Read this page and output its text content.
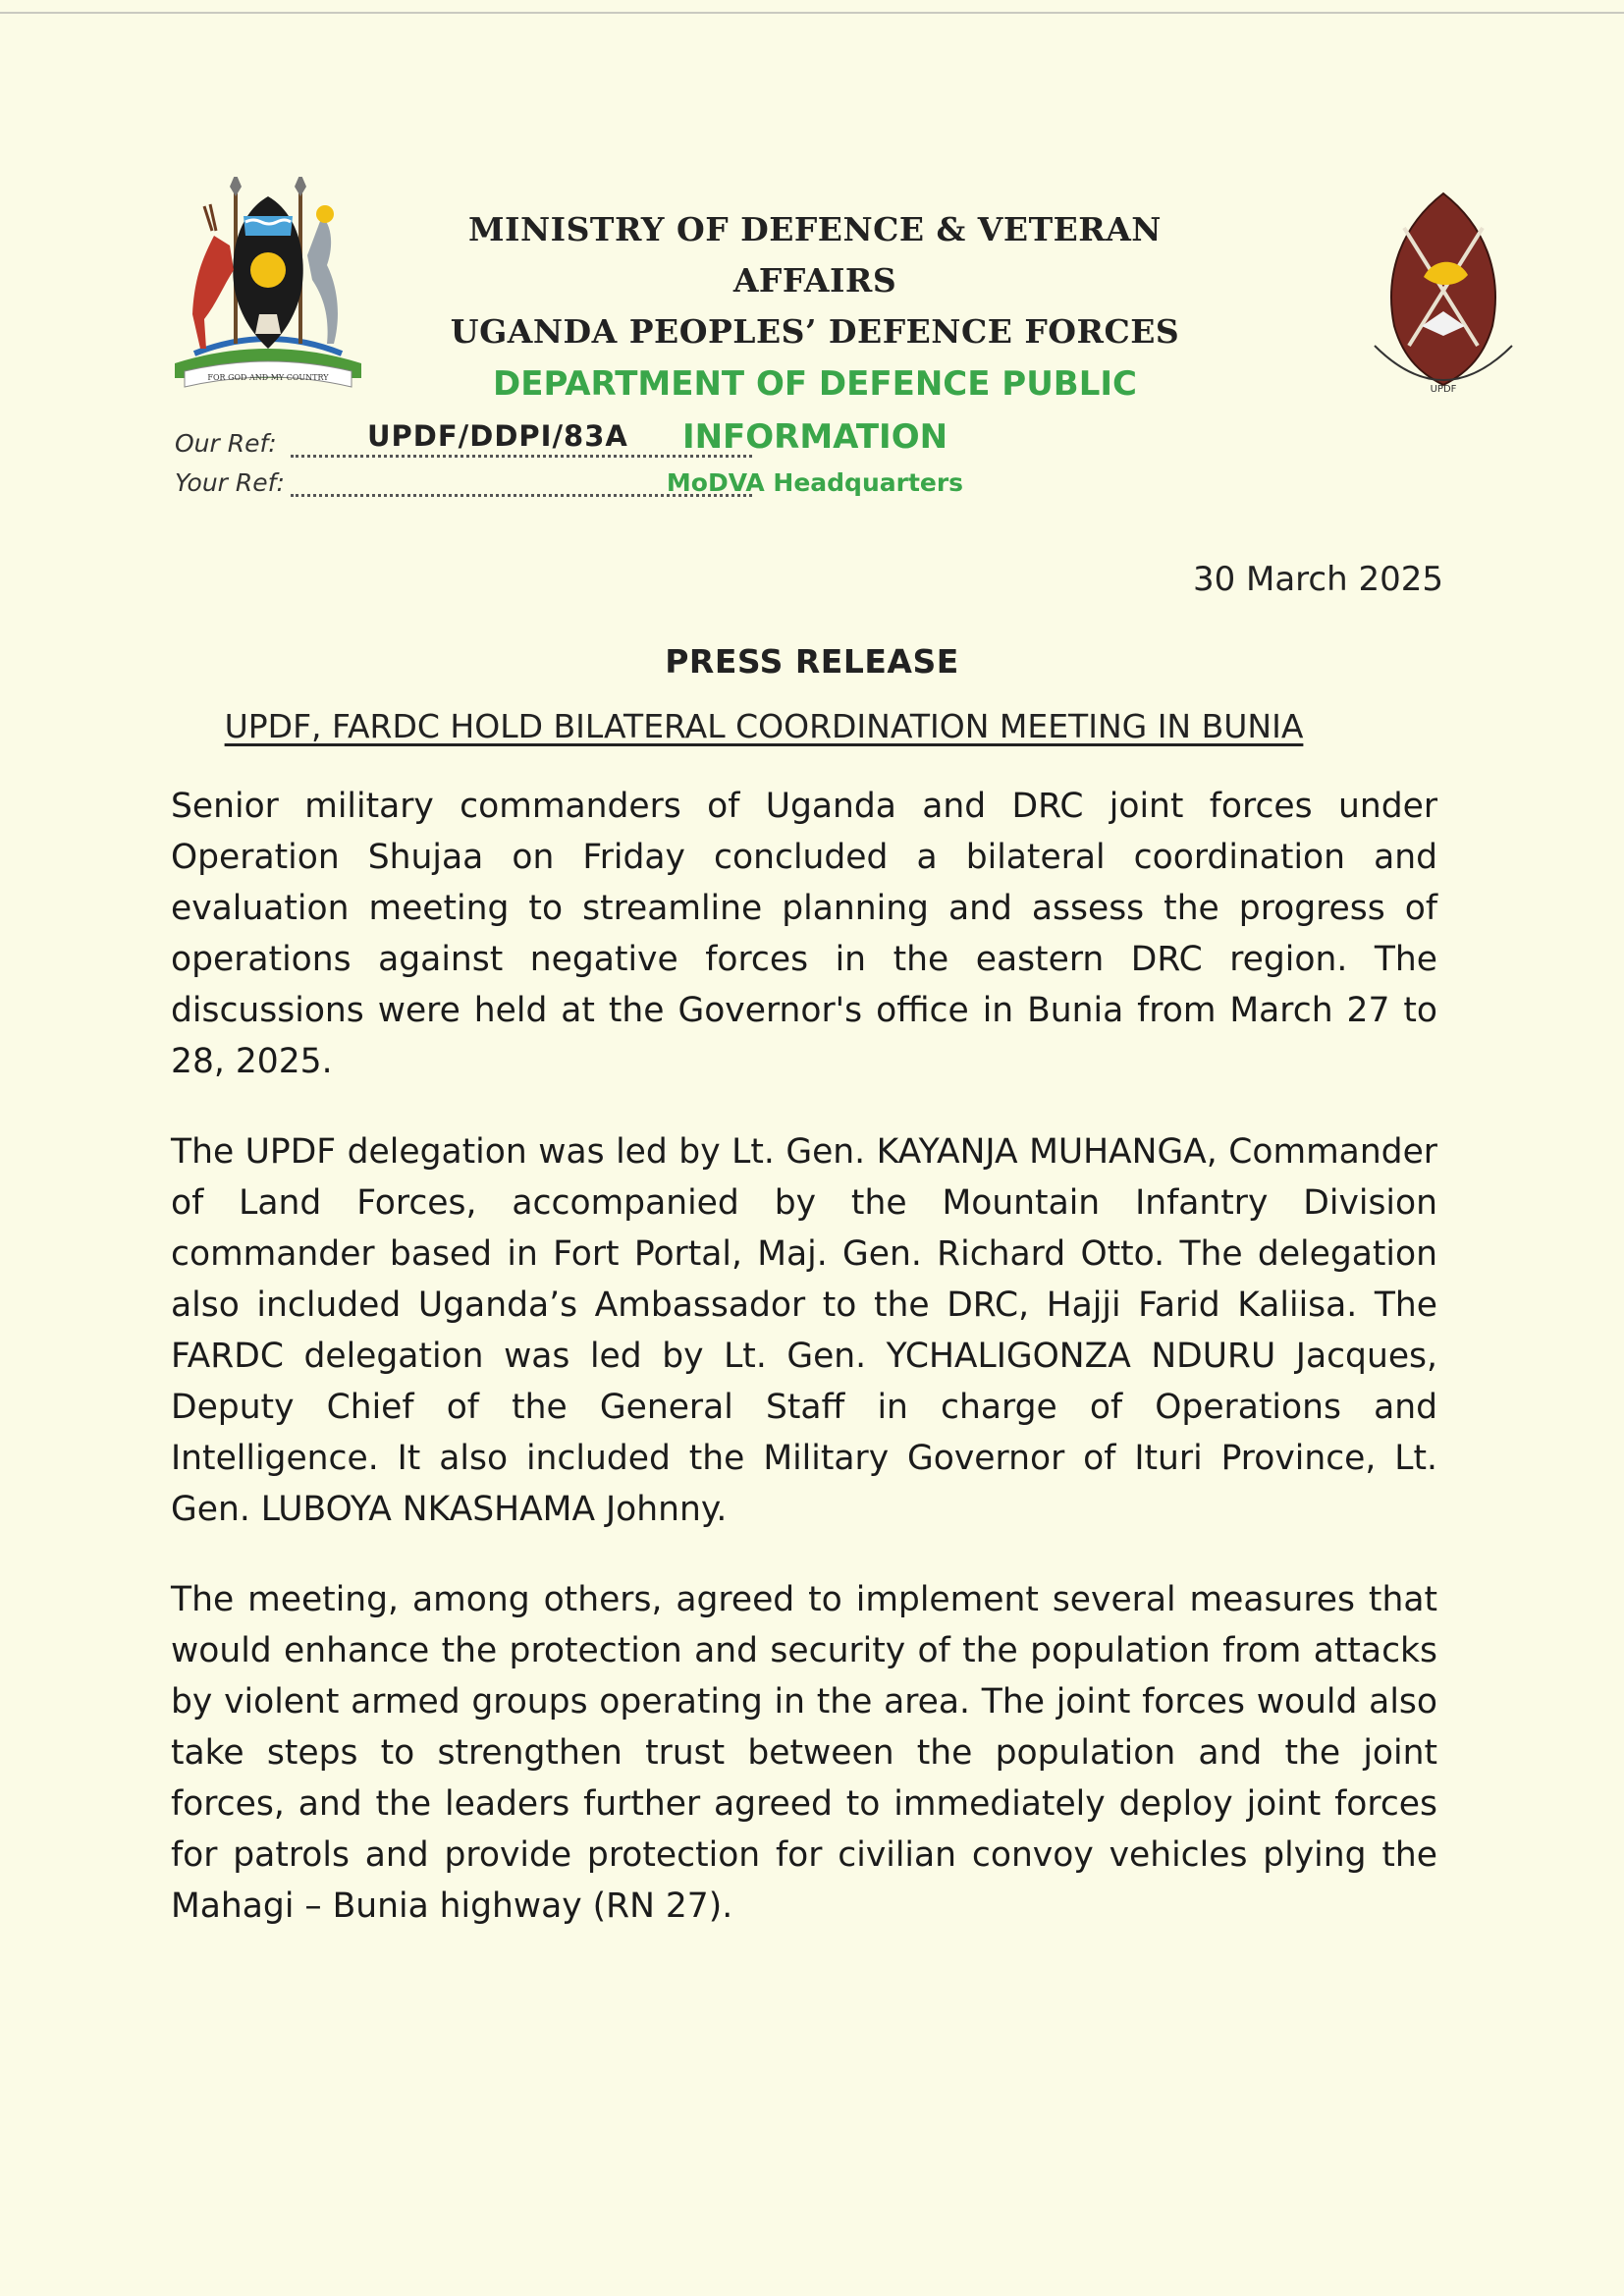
FOR GOD AND MY COUNTRY
MINISTRY OF DEFENCE & VETERAN AFFAIRS
UGANDA PEOPLES’ DEFENCE FORCES
DEPARTMENT OF DEFENCE PUBLIC INFORMATION
MoDVA Headquarters
UPDF
Our Ref:	UPDF/DDPI/83A
Your Ref:
30 March 2025
PRESS RELEASE
UPDF, FARDC HOLD BILATERAL COORDINATION MEETING IN BUNIA

Senior military commanders of Uganda and DRC joint forces under Operation Shujaa on Friday concluded a bilateral coordination and evaluation meeting to streamline planning and assess the progress of operations against negative forces in the eastern DRC region. The discussions were held at the Governor's office in Bunia from March 27 to 28, 2025.

The UPDF delegation was led by Lt. Gen. KAYANJA MUHANGA, Commander of Land Forces, accompanied by the Mountain Infantry Division commander based in Fort Portal, Maj. Gen. Richard Otto. The delegation also included Uganda’s Ambassador to the DRC, Hajji Farid Kaliisa. The FARDC delegation was led by Lt. Gen. YCHALIGONZA NDURU Jacques, Deputy Chief of the General Staff in charge of Operations and Intelligence. It also included the Military Governor of Ituri Province, Lt. Gen. LUBOYA NKASHAMA Johnny.

The meeting, among others, agreed to implement several measures that would enhance the protection and security of the population from attacks by violent armed groups operating in the area. The joint forces would also take steps to strengthen trust between the population and the joint forces, and the leaders further agreed to immediately deploy joint forces for patrols and provide protection for civilian convoy vehicles plying the Mahagi – Bunia highway (RN 27).
